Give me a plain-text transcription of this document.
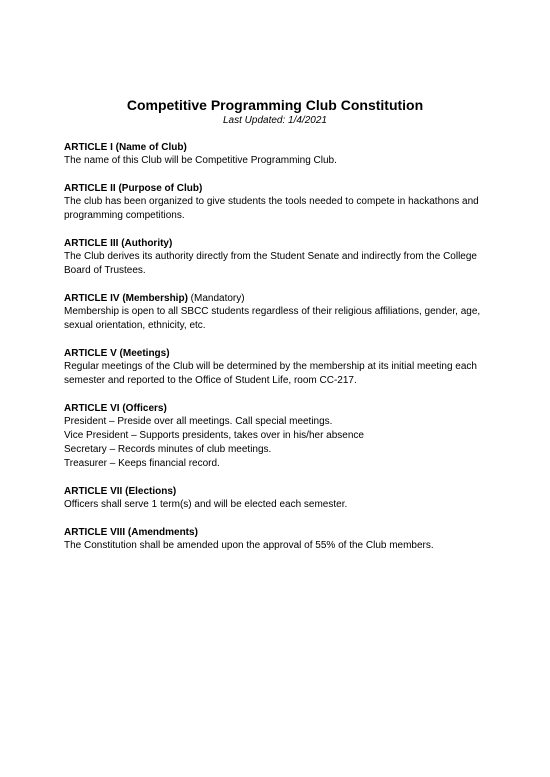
Competitive Programming Club Constitution
Last Updated: 1/4/2021
ARTICLE I (Name of Club)
The name of this Club will be Competitive Programming Club.
ARTICLE II (Purpose of Club)
The club has been organized to give students the tools needed to compete in hackathons and
programming competitions.
ARTICLE III (Authority)
The Club derives its authority directly from the Student Senate and indirectly from the College
Board of Trustees.
ARTICLE IV (Membership) (Mandatory)
Membership is open to all SBCC students regardless of their religious affiliations, gender, age,
sexual orientation, ethnicity, etc.
ARTICLE V (Meetings)
Regular meetings of the Club will be determined by the membership at its initial meeting each
semester and reported to the Office of Student Life, room CC-217.
ARTICLE VI (Officers)
President – Preside over all meetings. Call special meetings.
Vice President – Supports presidents, takes over in his/her absence
Secretary – Records minutes of club meetings.
Treasurer – Keeps financial record.
ARTICLE VII (Elections)
Officers shall serve 1 term(s) and will be elected each semester.
ARTICLE VIII (Amendments)
The Constitution shall be amended upon the approval of 55% of the Club members.
